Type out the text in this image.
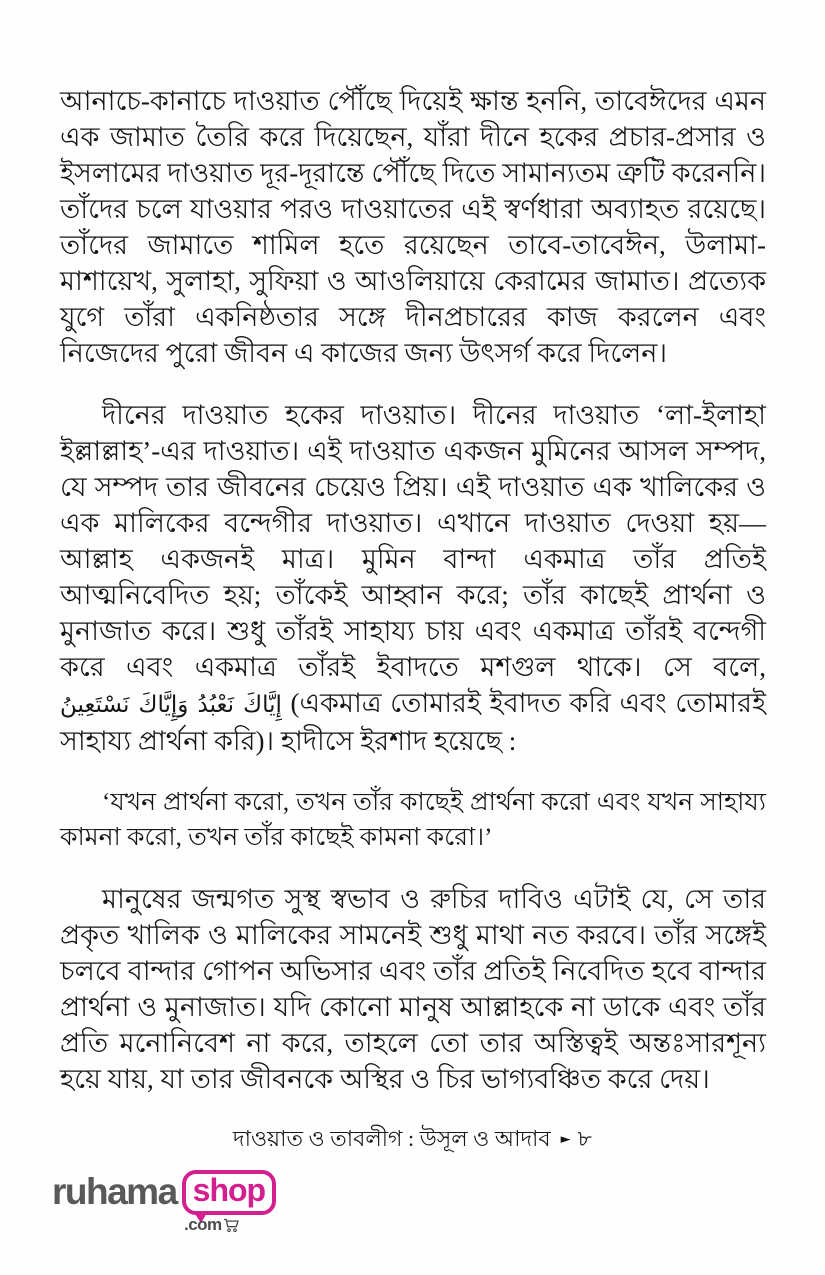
আনাচে-কানাচে দাওয়াত পৌঁছে দিয়েই ক্ষান্ত হননি, তাবেঈদের এমন এক জামাত তৈরি করে দিয়েছেন, যাঁরা দীনে হকের প্রচার-প্রসার ও ইসলামের দাওয়াত দূর-দূরান্তে পৌঁছে দিতে সামান্যতম ত্রুটি করেননি। তাঁদের চলে যাওয়ার পরও দাওয়াতের এই স্বর্ণধারা অব্যাহত রয়েছে। তাঁদের জামাতে শামিল হতে রয়েছেন তাবে-তাবেঈন, উলামা-মাশায়েখ, সুলাহা, সুফিয়া ও আওলিয়ায়ে কেরামের জামাত। প্রত্যেক যুগে তাঁরা একনিষ্ঠতার সঙ্গে দীনপ্রচারের কাজ করলেন এবং নিজেদের পুরো জীবন এ কাজের জন্য উৎসর্গ করে দিলেন।

দীনের দাওয়াত হকের দাওয়াত। দীনের দাওয়াত ‘লা-ইলাহা ইল্লাল্লাহ’-এর দাওয়াত। এই দাওয়াত একজন মুমিনের আসল সম্পদ, যে সম্পদ তার জীবনের চেয়েও প্রিয়। এই দাওয়াত এক খালিকের ও এক মালিকের বন্দেগীর দাওয়াত। এখানে দাওয়াত দেওয়া হয়—আল্লাহ একজনই মাত্র। মুমিন বান্দা একমাত্র তাঁর প্রতিই আত্মনিবেদিত হয়; তাঁকেই আহ্বান করে; তাঁর কাছেই প্রার্থনা ও মুনাজাত করে। শুধু তাঁরই সাহায্য চায় এবং একমাত্র তাঁরই বন্দেগী করে এবং একমাত্র তাঁরই ইবাদতে মশগুল থাকে। সে বলে, إِيَّاكَ نَعْبُدُ وَإِيَّاكَ نَسْتَعِينُ (একমাত্র তোমারই ইবাদত করি এবং তোমারই সাহায্য প্রার্থনা করি)। হাদীসে ইরশাদ হয়েছে :

‘যখন প্রার্থনা করো, তখন তাঁর কাছেই প্রার্থনা করো এবং যখন সাহায্য কামনা করো, তখন তাঁর কাছেই কামনা করো।’

মানুষের জন্মগত সুস্থ স্বভাব ও রুচির দাবিও এটাই যে, সে তার প্রকৃত খালিক ও মালিকের সামনেই শুধু মাথা নত করবে। তাঁর সঙ্গেই চলবে বান্দার গোপন অভিসার এবং তাঁর প্রতিই নিবেদিত হবে বান্দার প্রার্থনা ও মুনাজাত। যদি কোনো মানুষ আল্লাহকে না ডাকে এবং তাঁর প্রতি মনোনিবেশ না করে, তাহলে তো তার অস্তিত্বই অন্তঃসারশূন্য হয়ে যায়, যা তার জীবনকে অস্থির ও চির ভাগ্যবঞ্চিত করে দেয়।

দাওয়াত ও তাবলীগ : উসূল ও আদাব ► ৮
ruhama shop
.com
